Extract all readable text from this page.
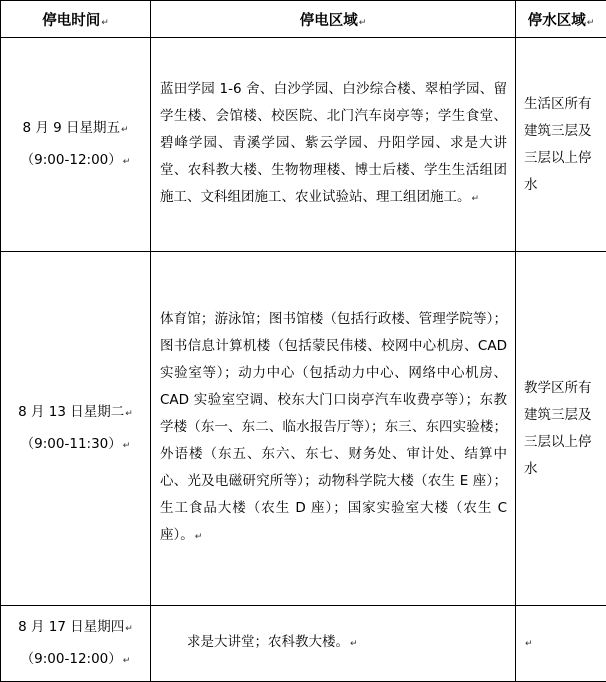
停电时间↵	停电区域↵	停水区域↵

8 月 9 日星期五↵
（9:00-12:00）↵	蓝田学园 1-6 舍、白沙学园、白沙综合楼、翠柏学园、留学生楼、会馆楼、校医院、北门汽车岗亭等；学生食堂、碧峰学园、青溪学园、紫云学园、丹阳学园、求是大讲堂、农科教大楼、生物物理楼、博士后楼、学生生活组团施工、文科组团施工、农业试验站、理工组团施工。↵	生活区所有建筑三层及三层以上停水

8 月 13 日星期二↵
（9:00-11:30）↵	体育馆；游泳馆；图书馆楼（包括行政楼、管理学院等）；图书信息计算机楼（包括蒙民伟楼、校网中心机房、CAD 实验室等）；动力中心（包括动力中心、网络中心机房、CAD 实验室空调、校东大门口岗亭汽车收费亭等）；东教学楼（东一、东二、临水报告厅等）；东三、东四实验楼；外语楼（东五、东六、东七、财务处、审计处、结算中心、光及电磁研究所等）；动物科学院大楼（农生 E 座）；生工食品大楼（农生 D 座）；国家实验室大楼（农生 C 座）。↵	教学区所有建筑三层及三层以上停水

8 月 17 日星期四↵
（9:00-12:00）↵	求是大讲堂；农科教大楼。↵	↵
